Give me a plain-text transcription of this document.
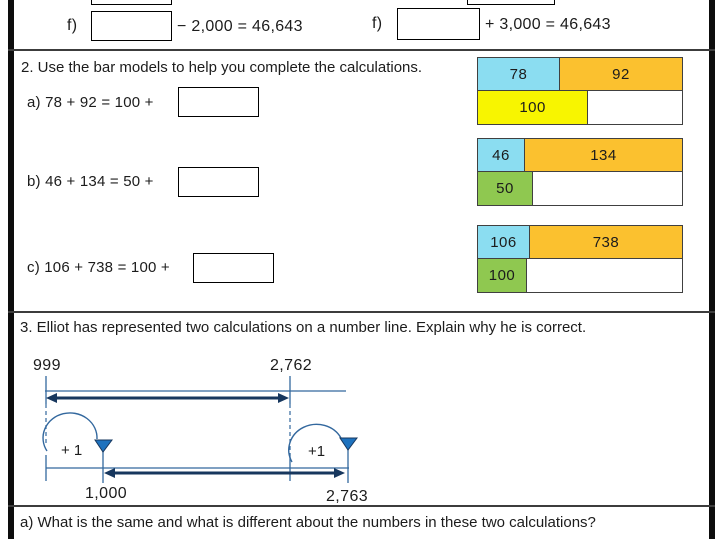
f)	− 2,000 = 46,643	f)	+ 3,000 = 46,643
2. Use the bar models to help you complete the calculations.
a) 78 + 92 = 100 +
b) 46 + 134 = 50 +
c) 106 + 738 = 100 +
78	92
100
46	134
50
106	738
100
3. Elliot has represented two calculations on a number line. Explain why he is correct.
999	2,762
+ 1	+1
1,000	2,763
a) What is the same and what is different about the numbers in these two calculations?
